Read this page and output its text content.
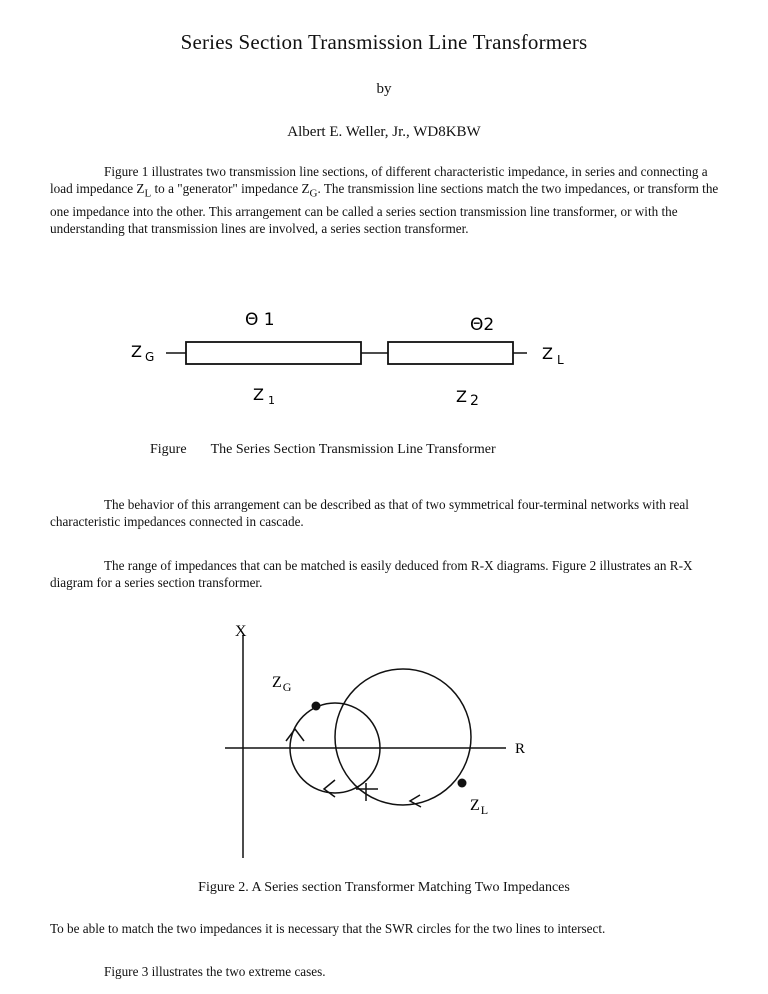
Series Section Transmission Line Transformers
by
Albert E. Weller, Jr., WD8KBW
Figure 1 illustrates two transmission line sections, of different characteristic impedance, in series and connecting a load impedance $Z_L$ to a "generator" impedance $Z_G$. The transmission line sections match the two impedances, or transform the one impedance into the other. This arrangement can be called a series section transmission line transformer, or with the understanding that transmission lines are involved, a series section transformer.
Θ 1	Θ2
Z $_G$	Z $_L$
Z $_1$	Z 2
Figure The Series Section Transmission Line Transformer
The behavior of this arrangement can be described as that of two symmetrical four-terminal networks with real characteristic impedances connected in cascade.
The range of impedances that can be matched is easily deduced from R-X diagrams. Figure 2 illustrates an R-X diagram for a series section transformer.
X
R
$Z_G$
$Z_L$
Figure 2. A Series section Transformer Matching Two Impedances
To be able to match the two impedances it is necessary that the SWR circles for the two lines to intersect.
Figure 3 illustrates the two extreme cases.
